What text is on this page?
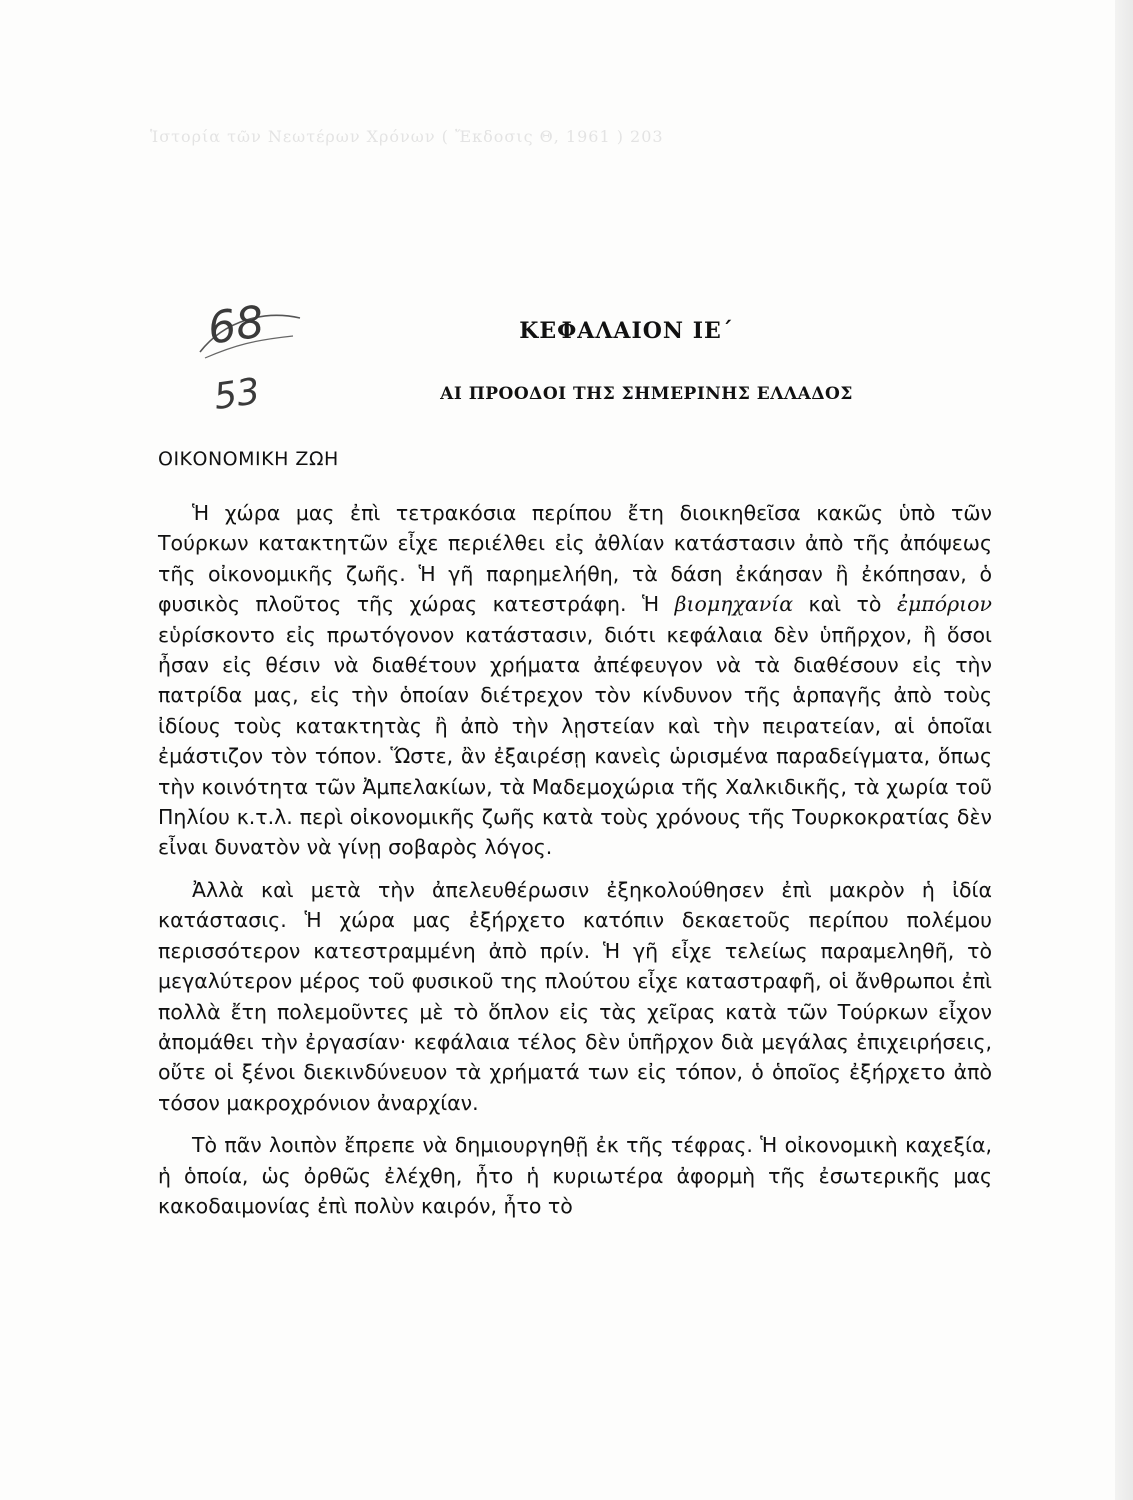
Ἱστορία τῶν Νεωτέρων Χρόνων ( Ἔκδοσις Θ, 1961 ) 203

68
53
ΚΕΦΑΛΑΙΟΝ ΙΕ΄
ΑΙ ΠΡΟΟΔΟΙ ΤΗΣ ΣΗΜΕΡΙΝΗΣ ΕΛΛΑΔΟΣ
ΟΙΚΟΝΟΜΙΚΗ ΖΩΗ

Ἡ χώρα μας ἐπὶ τετρακόσια περίπου ἔτη διοικηθεῖσα κακῶς ὑπὸ τῶν Τούρκων κατακτητῶν εἶχε περιέλθει εἰς ἀθλίαν κατάστασιν ἀπὸ τῆς ἀπόψεως τῆς οἰκονομικῆς ζωῆς. Ἡ γῆ παρημελήθη, τὰ δάση ἐκάησαν ἢ ἐκόπησαν, ὁ φυσικὸς πλοῦτος τῆς χώρας κατεστράφη. Ἡ βιομηχανία καὶ τὸ ἐμπόριον εὑρίσκοντο εἰς πρωτόγονον κατάστασιν, διότι κεφάλαια δὲν ὑπῆρχον, ἢ ὅσοι ἦσαν εἰς θέσιν νὰ διαθέτουν χρήματα ἀπέφευγον νὰ τὰ διαθέσουν εἰς τὴν πατρίδα μας, εἰς τὴν ὁποίαν διέτρεχον τὸν κίνδυνον τῆς ἁρπαγῆς ἀπὸ τοὺς ἰδίους τοὺς κατακτητὰς ἢ ἀπὸ τὴν λῃστείαν καὶ τὴν πειρατείαν, αἱ ὁποῖαι ἐμάστιζον τὸν τόπον. Ὥστε, ἂν ἐξαιρέσῃ κανεὶς ὡρισμένα παραδείγματα, ὅπως τὴν κοινότητα τῶν Ἀμπελακίων, τὰ Μαδεμοχώρια τῆς Χαλκιδικῆς, τὰ χωρία τοῦ Πηλίου κ.τ.λ. περὶ οἰκονομικῆς ζωῆς κατὰ τοὺς χρόνους τῆς Τουρκοκρατίας δὲν εἶναι δυνατὸν νὰ γίνῃ σοβαρὸς λόγος.

Ἀλλὰ καὶ μετὰ τὴν ἀπελευθέρωσιν ἐξηκολούθησεν ἐπὶ μακρὸν ἡ ἰδία κατάστασις. Ἡ χώρα μας ἐξήρχετο κατόπιν δεκαετοῦς περίπου πολέμου περισσότερον κατεστραμμένη ἀπὸ πρίν. Ἡ γῆ εἶχε τελείως παραμεληθῆ, τὸ μεγαλύτερον μέρος τοῦ φυσικοῦ της πλούτου εἶχε καταστραφῆ, οἱ ἄνθρωποι ἐπὶ πολλὰ ἔτη πολεμοῦντες μὲ τὸ ὅπλον εἰς τὰς χεῖρας κατὰ τῶν Τούρκων εἶχον ἀπομάθει τὴν ἐργασίαν· κεφάλαια τέλος δὲν ὑπῆρχον διὰ μεγάλας ἐπιχειρήσεις, οὔτε οἱ ξένοι διεκινδύνευον τὰ χρήματά των εἰς τόπον, ὁ ὁποῖος ἐξήρχετο ἀπὸ τόσον μακροχρόνιον ἀναρχίαν.

Τὸ πᾶν λοιπὸν ἔπρεπε νὰ δημιουργηθῇ ἐκ τῆς τέφρας. Ἡ οἰκονομικὴ καχεξία, ἡ ὁποία, ὡς ὀρθῶς ἐλέχθη, ἦτο ἡ κυριωτέρα ἀφορμὴ τῆς ἐσωτερικῆς μας κακοδαιμονίας ἐπὶ πολὺν καιρόν, ἦτο τὸ
